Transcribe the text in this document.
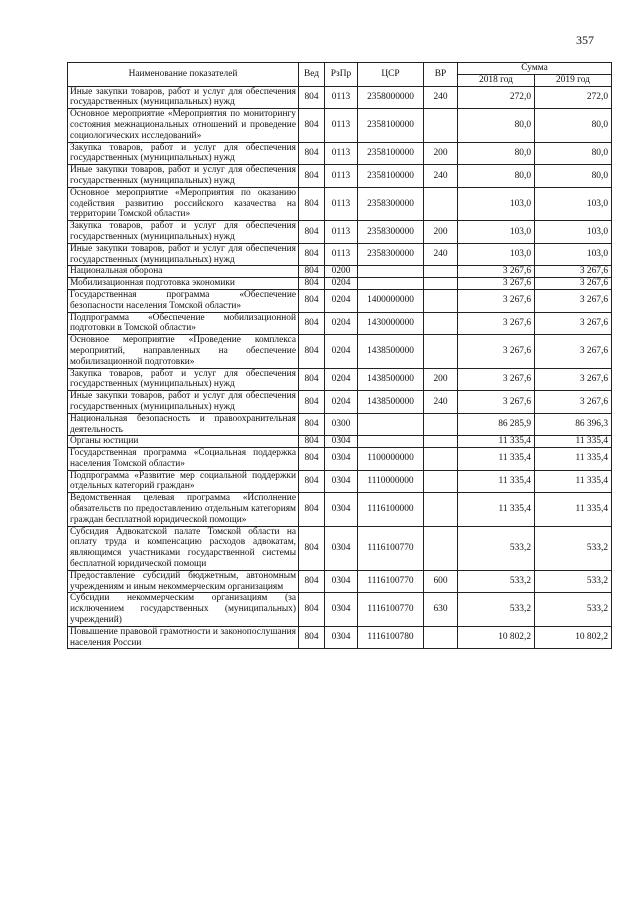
357
Наименование показателей	Вед	РзПр	ЦСР	ВР	Сумма	
					2018 год	2019 год
Иные закупки товаров, работ и услуг для обеспечения государственных (муниципальных) нужд	804	0113	2358000000	240	272,0	272,0
Основное мероприятие «Мероприятия по мониторингу состояния межнациональных отношений и проведение социологических исследований»	804	0113	2358100000		80,0	80,0
Закупка товаров, работ и услуг для обеспечения государственных (муниципальных) нужд	804	0113	2358100000	200	80,0	80,0
Иные закупки товаров, работ и услуг для обеспечения государственных (муниципальных) нужд	804	0113	2358100000	240	80,0	80,0
Основное мероприятие «Мероприятия по оказанию содействия развитию российского казачества на территории Томской области»	804	0113	2358300000		103,0	103,0
Закупка товаров, работ и услуг для обеспечения государственных (муниципальных) нужд	804	0113	2358300000	200	103,0	103,0
Иные закупки товаров, работ и услуг для обеспечения государственных (муниципальных) нужд	804	0113	2358300000	240	103,0	103,0
Национальная оборона	804	0200			3 267,6	3 267,6
Мобилизационная подготовка экономики	804	0204			3 267,6	3 267,6
Государственная программа «Обеспечение безопасности населения Томской области»	804	0204	1400000000		3 267,6	3 267,6
Подпрограмма «Обеспечение мобилизационной подготовки в Томской области»	804	0204	1430000000		3 267,6	3 267,6
Основное мероприятие «Проведение комплекса мероприятий, направленных на обеспечение мобилизационной подготовки»	804	0204	1438500000		3 267,6	3 267,6
Закупка товаров, работ и услуг для обеспечения государственных (муниципальных) нужд	804	0204	1438500000	200	3 267,6	3 267,6
Иные закупки товаров, работ и услуг для обеспечения государственных (муниципальных) нужд	804	0204	1438500000	240	3 267,6	3 267,6
Национальная безопасность и правоохранительная деятельность	804	0300			86 285,9	86 396,3
Органы юстиции	804	0304			11 335,4	11 335,4
Государственная программа «Социальная поддержка населения Томской области»	804	0304	1100000000		11 335,4	11 335,4
Подпрограмма «Развитие мер социальной поддержки отдельных категорий граждан»	804	0304	1110000000		11 335,4	11 335,4
Ведомственная целевая программа «Исполнение обязательств по предоставлению отдельным категориям граждан бесплатной юридической помощи»	804	0304	1116100000		11 335,4	11 335,4
Субсидия Адвокатской палате Томской области на оплату труда и компенсацию расходов адвокатам, являющимся участниками государственной системы бесплатной юридической помощи	804	0304	1116100770		533,2	533,2
Предоставление субсидий бюджетным, автономным учреждениям и иным некоммерческим организациям	804	0304	1116100770	600	533,2	533,2
Субсидии некоммерческим организациям (за исключением государственных (муниципальных) учреждений)	804	0304	1116100770	630	533,2	533,2
Повышение правовой грамотности и законопослушания населения России	804	0304	1116100780		10 802,2	10 802,2
